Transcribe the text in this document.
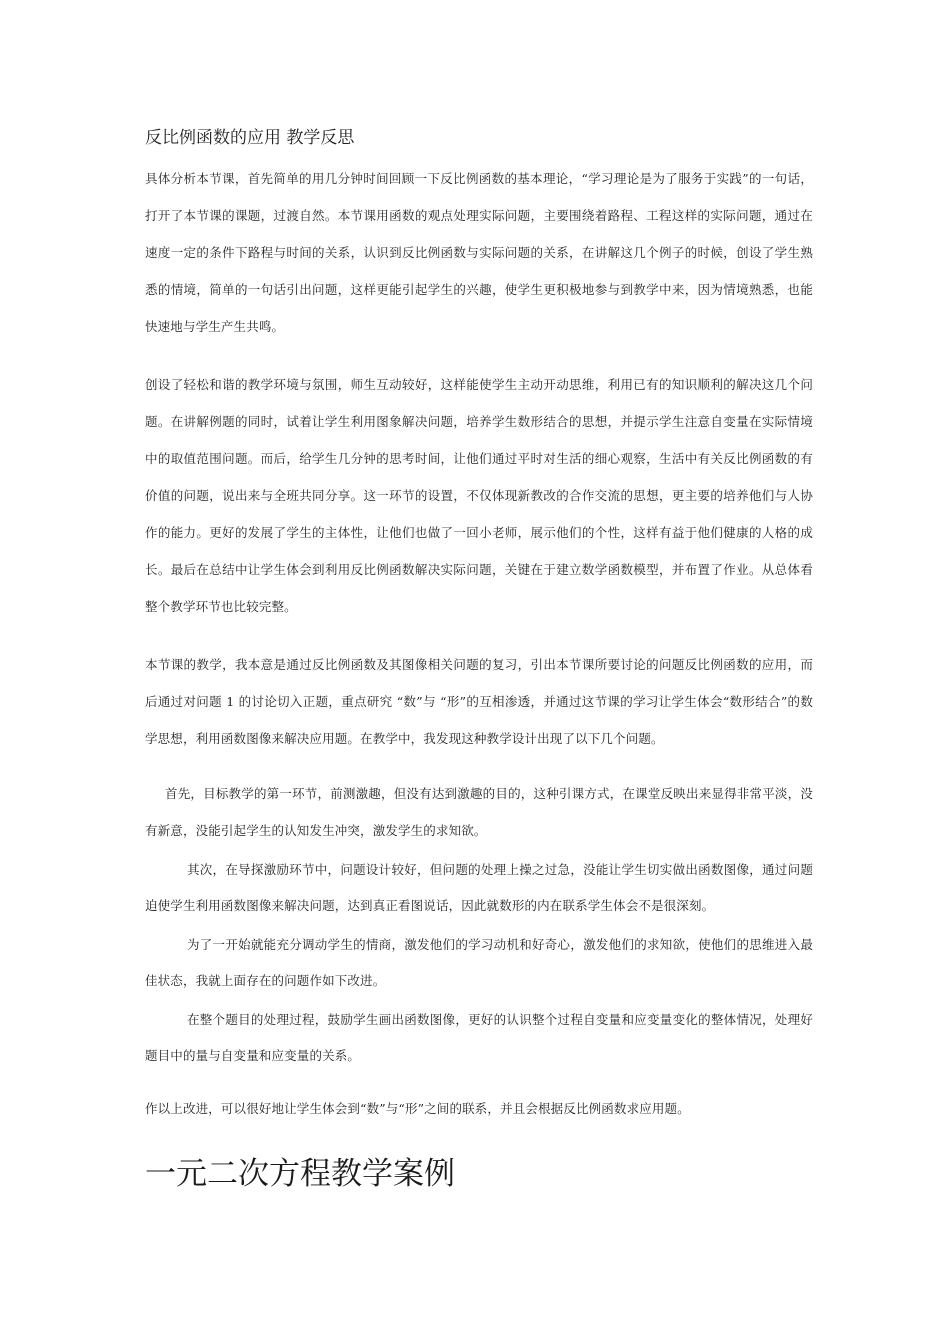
反比例函数的应用 教学反思

具体分析本节课，首先简单的用几分钟时间回顾一下反比例函数的基本理论，“学习理论是为了服务于实践”的一句话，打开了本节课的课题，过渡自然。本节课用函数的观点处理实际问题，主要围绕着路程、工程这样的实际问题，通过在速度一定的条件下路程与时间的关系，认识到反比例函数与实际问题的关系，在讲解这几个例子的时候，创设了学生熟悉的情境，简单的一句话引出问题，这样更能引起学生的兴趣，使学生更积极地参与到教学中来，因为情境熟悉，也能快速地与学生产生共鸣。

创设了轻松和谐的教学环境与氛围，师生互动较好，这样能使学生主动开动思维，利用已有的知识顺利的解决这几个问题。在讲解例题的同时，试着让学生利用图象解决问题，培养学生数形结合的思想，并提示学生注意自变量在实际情境中的取值范围问题。而后，给学生几分钟的思考时间，让他们通过平时对生活的细心观察，生活中有关反比例函数的有价值的问题，说出来与全班共同分享。这一环节的设置，不仅体现新教改的合作交流的思想，更主要的培养他们与人协作的能力。更好的发展了学生的主体性，让他们也做了一回小老师，展示他们的个性，这样有益于他们健康的人格的成长。最后在总结中让学生体会到利用反比例函数解决实际问题，关键在于建立数学函数模型，并布置了作业。从总体看整个教学环节也比较完整。

本节课的教学，我本意是通过反比例函数及其图像相关问题的复习，引出本节课所要讨论的问题反比例函数的应用，而后通过对问题 1 的讨论切入正题，重点研究 “数”与 “形”的互相渗透，并通过这节课的学习让学生体会“数形结合”的数学思想，利用函数图像来解决应用题。在教学中，我发现这种教学设计出现了以下几个问题。

首先，目标教学的第一环节，前测激趣，但没有达到激趣的目的，这种引课方式，在课堂反映出来显得非常平淡，没有新意，没能引起学生的认知发生冲突，激发学生的求知欲。

其次，在导探激励环节中，问题设计较好，但问题的处理上操之过急，没能让学生切实做出函数图像，通过问题迫使学生利用函数图像来解决问题，达到真正看图说话，因此就数形的内在联系学生体会不是很深刻。

为了一开始就能充分调动学生的情商，激发他们的学习动机和好奇心，激发他们的求知欲，使他们的思维进入最佳状态，我就上面存在的问题作如下改进。

在整个题目的处理过程，鼓励学生画出函数图像，更好的认识整个过程自变量和应变量变化的整体情况，处理好题目中的量与自变量和应变量的关系。

作以上改进，可以很好地让学生体会到“数”与“形”之间的联系，并且会根据反比例函数求应用题。

一元二次方程教学案例
